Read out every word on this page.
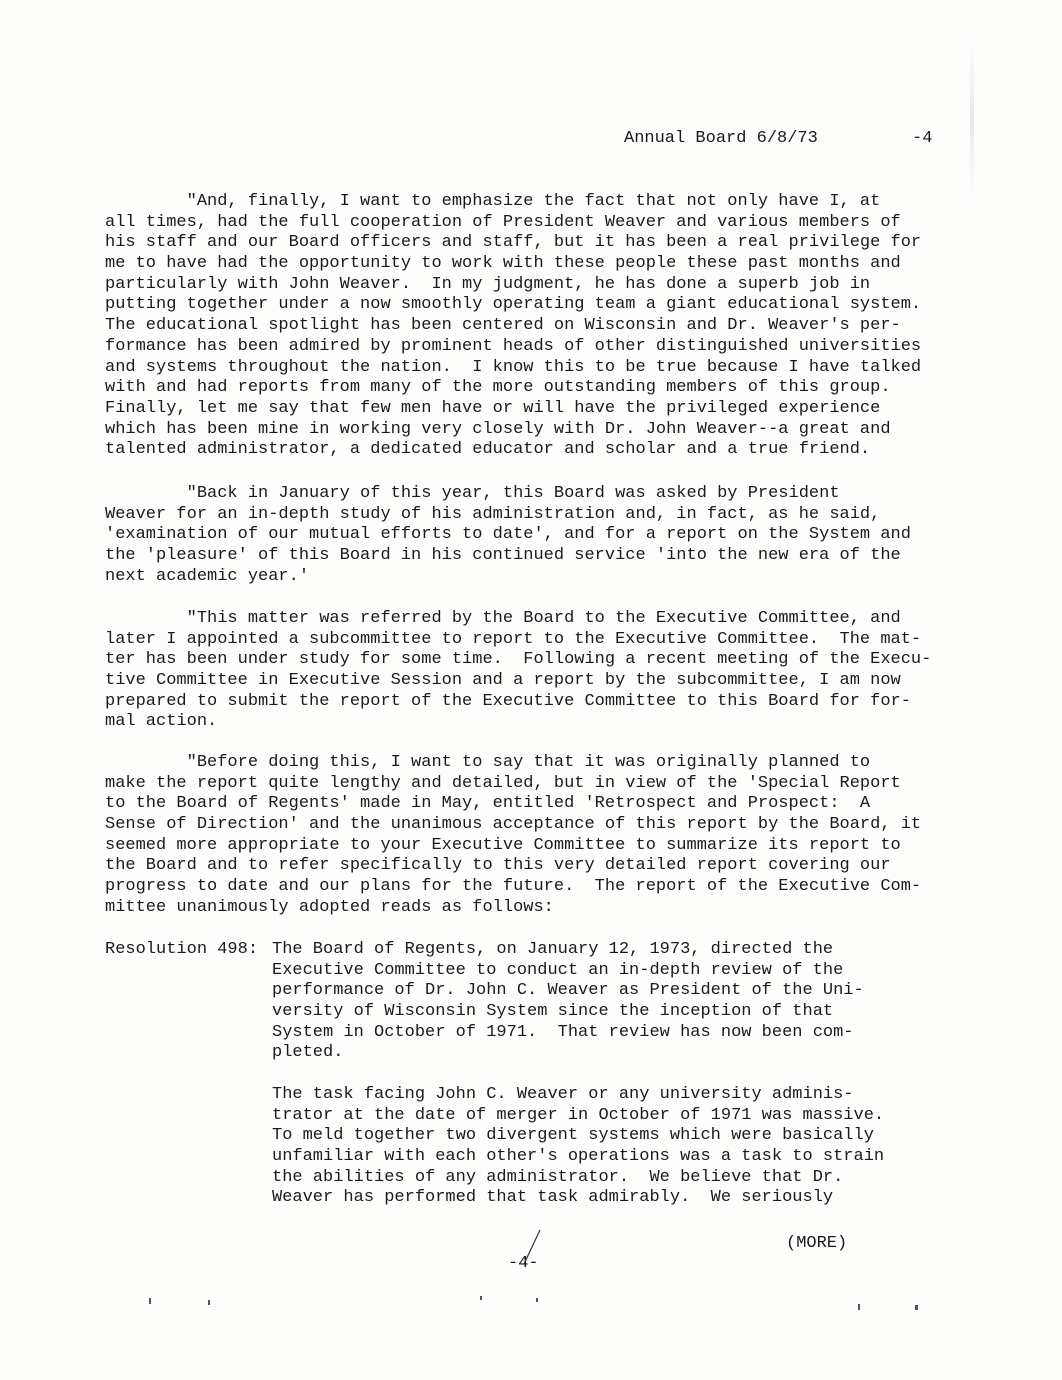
Annual Board 6/8/73	-4
"And, finally, I want to emphasize the fact that not only have I, at
all times, had the full cooperation of President Weaver and various members of
his staff and our Board officers and staff, but it has been a real privilege for
me to have had the opportunity to work with these people these past months and
particularly with John Weaver.  In my judgment, he has done a superb job in
putting together under a now smoothly operating team a giant educational system.
The educational spotlight has been centered on Wisconsin and Dr. Weaver's per-
formance has been admired by prominent heads of other distinguished universities
and systems throughout the nation.  I know this to be true because I have talked
with and had reports from many of the more outstanding members of this group.
Finally, let me say that few men have or will have the privileged experience
which has been mine in working very closely with Dr. John Weaver--a great and
talented administrator, a dedicated educator and scholar and a true friend.
"Back in January of this year, this Board was asked by President
Weaver for an in-depth study of his administration and, in fact, as he said,
'examination of our mutual efforts to date', and for a report on the System and
the 'pleasure' of this Board in his continued service 'into the new era of the
next academic year.'
"This matter was referred by the Board to the Executive Committee, and
later I appointed a subcommittee to report to the Executive Committee.  The mat-
ter has been under study for some time.  Following a recent meeting of the Execu-
tive Committee in Executive Session and a report by the subcommittee, I am now
prepared to submit the report of the Executive Committee to this Board for for-
mal action.
"Before doing this, I want to say that it was originally planned to
make the report quite lengthy and detailed, but in view of the 'Special Report
to the Board of Regents' made in May, entitled 'Retrospect and Prospect:  A
Sense of Direction' and the unanimous acceptance of this report by the Board, it
seemed more appropriate to your Executive Committee to summarize its report to
the Board and to refer specifically to this very detailed report covering our
progress to date and our plans for the future.  The report of the Executive Com-
mittee unanimously adopted reads as follows:
Resolution 498: The Board of Regents, on January 12, 1973, directed the
Executive Committee to conduct an in-depth review of the
performance of Dr. John C. Weaver as President of the Uni-
versity of Wisconsin System since the inception of that
System in October of 1971.  That review has now been com-
pleted.
The task facing John C. Weaver or any university adminis-
trator at the date of merger in October of 1971 was massive.
To meld together two divergent systems which were basically
unfamiliar with each other's operations was a task to strain
the abilities of any administrator.  We believe that Dr.
Weaver has performed that task admirably.  We seriously
(MORE)
-4-
